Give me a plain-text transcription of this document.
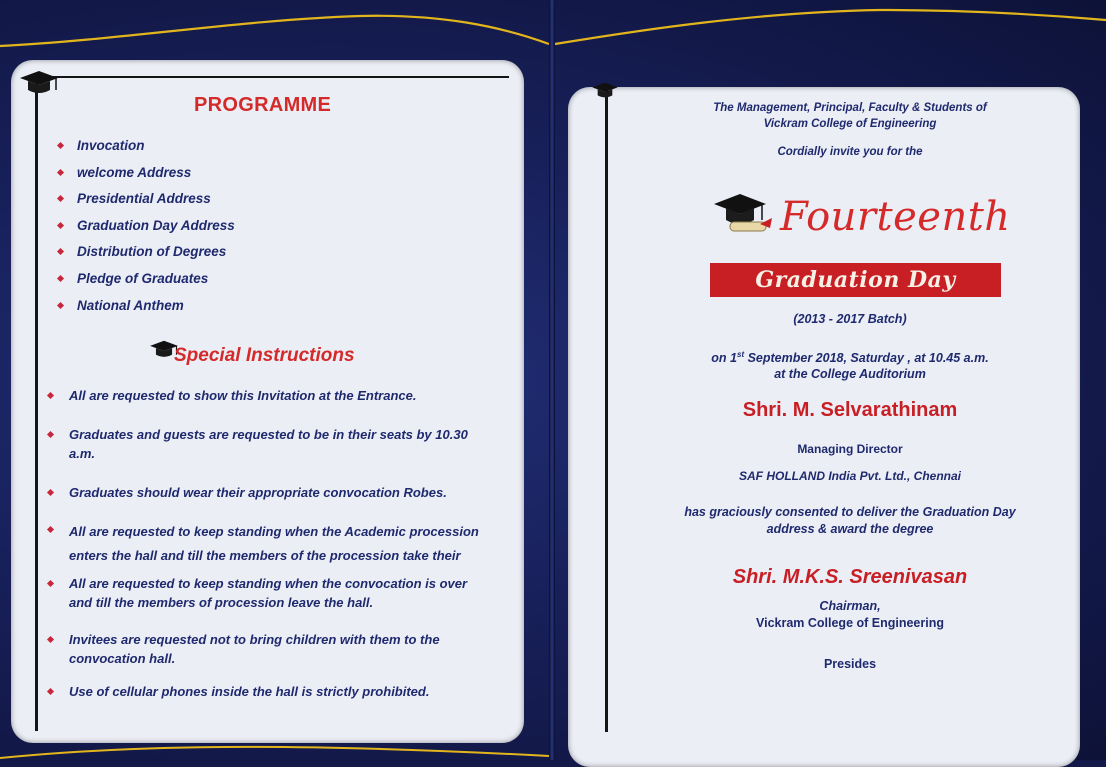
PROGRAMME
Invocation
welcome Address
Presidential Address
Graduation Day Address
Distribution of Degrees
Pledge of Graduates
National Anthem
Special Instructions
All are requested to show this Invitation at the Entrance.
Graduates and guests are requested to be in their seats by 10.30 a.m.
Graduates should wear their appropriate convocation Robes.
All are requested to keep standing when the Academic procession enters the hall and till the members of the procession take their
All are requested to keep standing when the convocation is over and till the members of procession leave the hall.
Invitees are requested not to bring children with them to the convocation hall.
Use of cellular phones inside the hall is strictly prohibited.
The Management, Principal, Faculty & Students of
Vickram College of Engineering
Cordially invite you for the
Fourteenth
Graduation Day
(2013 - 2017 Batch)
on 1st September 2018, Saturday , at 10.45 a.m.
at the College Auditorium
Shri. M. Selvarathinam
Managing Director
SAF HOLLAND India Pvt. Ltd., Chennai
has graciously consented to deliver the Graduation Day
address & award the degree
Shri. M.K.S. Sreenivasan
Chairman,
Vickram College of Engineering
Presides
